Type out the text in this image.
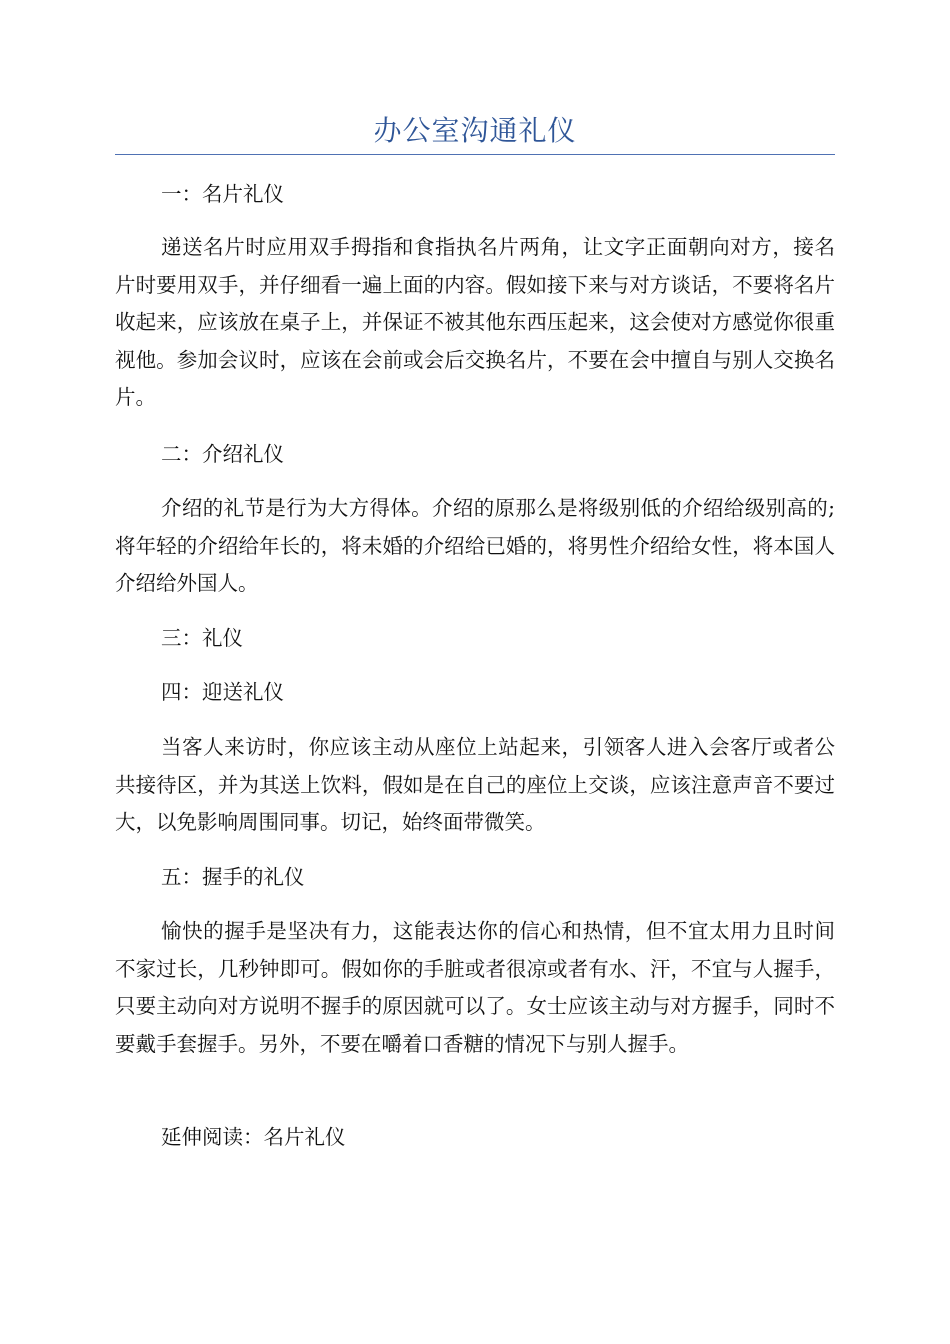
办公室沟通礼仪

一：名片礼仪

递送名片时应用双手拇指和食指执名片两角，让文字正面朝向对方，接名片时要用双手，并仔细看一遍上面的内容。假如接下来与对方谈话，不要将名片收起来，应该放在桌子上，并保证不被其他东西压起来，这会使对方感觉你很重视他。参加会议时，应该在会前或会后交换名片，不要在会中擅自与别人交换名片。

二：介绍礼仪

介绍的礼节是行为大方得体。介绍的原那么是将级别低的介绍给级别高的;将年轻的介绍给年长的，将未婚的介绍给已婚的，将男性介绍给女性，将本国人介绍给外国人。

三：礼仪

四：迎送礼仪

当客人来访时，你应该主动从座位上站起来，引领客人进入会客厅或者公共接待区，并为其送上饮料，假如是在自己的座位上交谈，应该注意声音不要过大，以免影响周围同事。切记，始终面带微笑。

五：握手的礼仪

愉快的握手是坚决有力，这能表达你的信心和热情，但不宜太用力且时间不家过长，几秒钟即可。假如你的手脏或者很凉或者有水、汗，不宜与人握手，只要主动向对方说明不握手的原因就可以了。女士应该主动与对方握手，同时不要戴手套握手。另外，不要在嚼着口香糖的情况下与别人握手。

延伸阅读：名片礼仪
